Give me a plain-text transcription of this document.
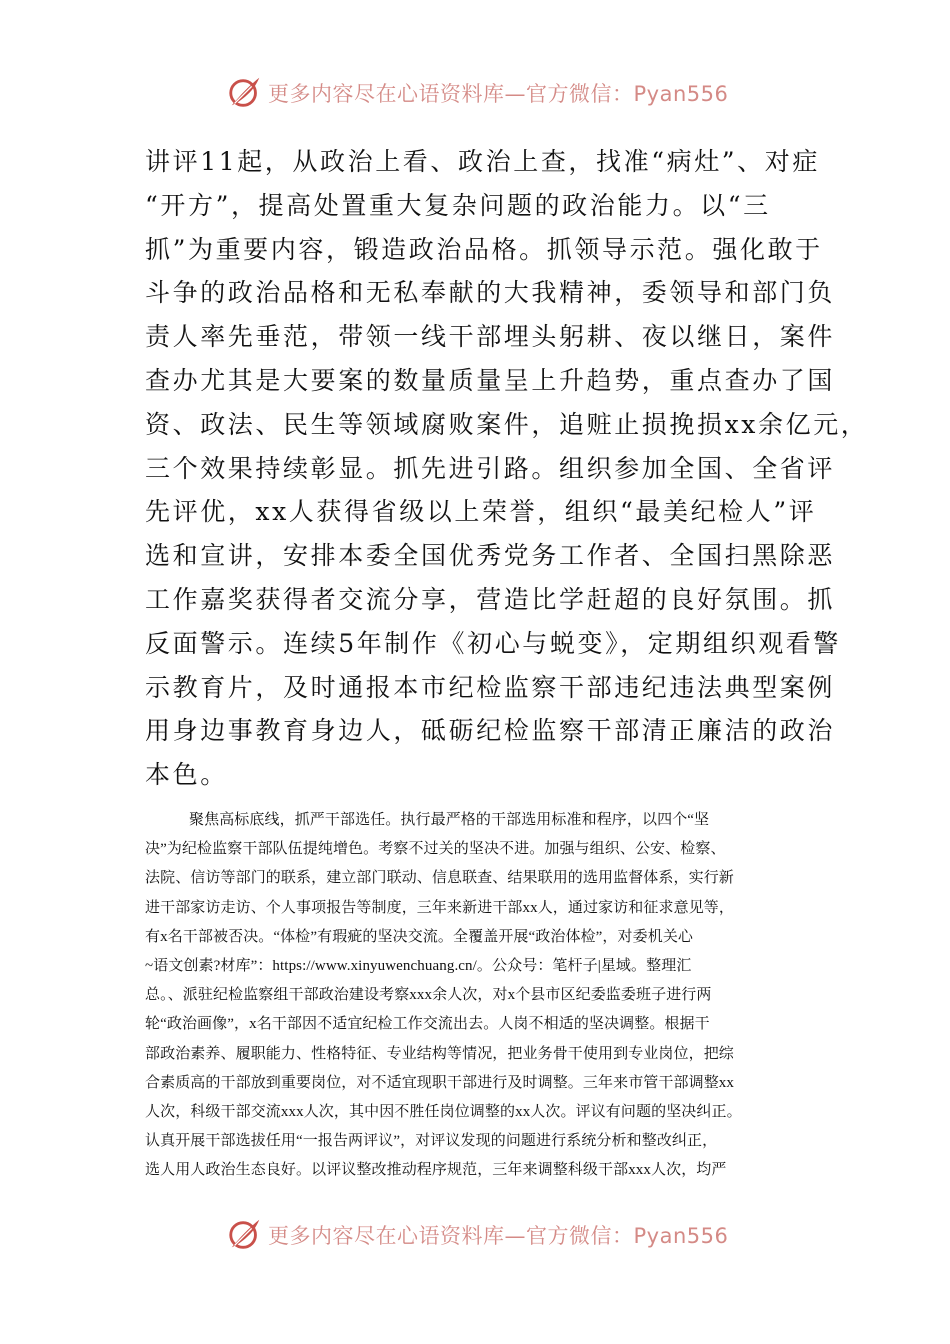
更多内容尽在心语资料库—官方微信：Pyan556
讲评11起，从政治上看、政治上查，找准“病灶”、对症
“开方”，提高处置重大复杂问题的政治能力。以“三
抓”为重要内容，锻造政治品格。抓领导示范。强化敢于
斗争的政治品格和无私奉献的大我精神，委领导和部门负
责人率先垂范，带领一线干部埋头躬耕、夜以继日，案件
查办尤其是大要案的数量质量呈上升趋势，重点查办了国
资、政法、民生等领域腐败案件，追赃止损挽损xx余亿元，
三个效果持续彰显。抓先进引路。组织参加全国、全省评
先评优，xx人获得省级以上荣誉，组织“最美纪检人”评
选和宣讲，安排本委全国优秀党务工作者、全国扫黑除恶
工作嘉奖获得者交流分享，营造比学赶超的良好氛围。抓
反面警示。连续5年制作《初心与蜕变》，定期组织观看警
示教育片，及时通报本市纪检监察干部违纪违法典型案例
用身边事教育身边人，砥砺纪检监察干部清正廉洁的政治
本色。
聚焦高标底线，抓严干部选任。执行最严格的干部选用标准和程序，以四个“坚
决”为纪检监察干部队伍提纯增色。考察不过关的坚决不进。加强与组织、公安、检察、
法院、信访等部门的联系，建立部门联动、信息联查、结果联用的选用监督体系，实行新
进干部家访走访、个人事项报告等制度，三年来新进干部xx人，通过家访和征求意见等，
有x名干部被否决。“体检”有瑕疵的坚决交流。全覆盖开展“政治体检”，对委机关心
~语文创素?材库”：https://www.xinyuwenchuang.cn/。公众号：笔杆子|星域。整理汇
总。、派驻纪检监察组干部政治建设考察xxx余人次，对x个县市区纪委监委班子进行两
轮“政治画像”，x名干部因不适宜纪检工作交流出去。人岗不相适的坚决调整。根据干
部政治素养、履职能力、性格特征、专业结构等情况，把业务骨干使用到专业岗位，把综
合素质高的干部放到重要岗位，对不适宜现职干部进行及时调整。三年来市管干部调整xx
人次，科级干部交流xxx人次，其中因不胜任岗位调整的xx人次。评议有问题的坚决纠正。
认真开展干部选拔任用“一报告两评议”，对评议发现的问题进行系统分析和整改纠正，
选人用人政治生态良好。以评议整改推动程序规范，三年来调整科级干部xxx人次，均严
更多内容尽在心语资料库—官方微信：Pyan556
